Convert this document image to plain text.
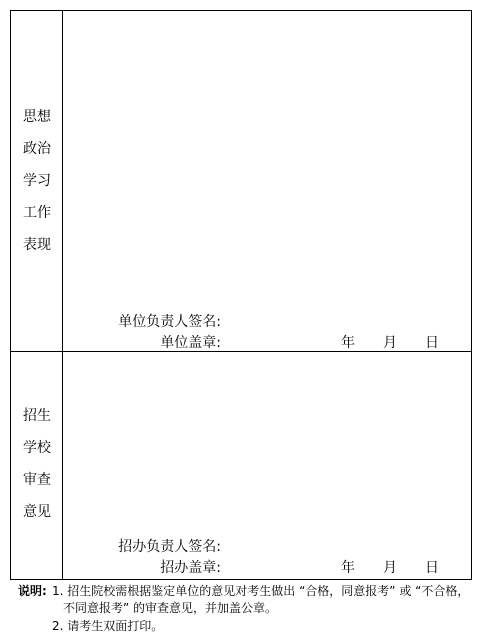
思想
政治
学习
工作
表现
单位负责人签名:
单位盖章:	年 月 日
招生
学校
审查
意见
招办负责人签名:
招办盖章:	年 月 日
说明: 1. 招生院校需根据鉴定单位的意见对考生做出 “合格，同意报考” 或 “不合格，
不同意报考” 的审查意见，并加盖公章。
2. 请考生双面打印。
